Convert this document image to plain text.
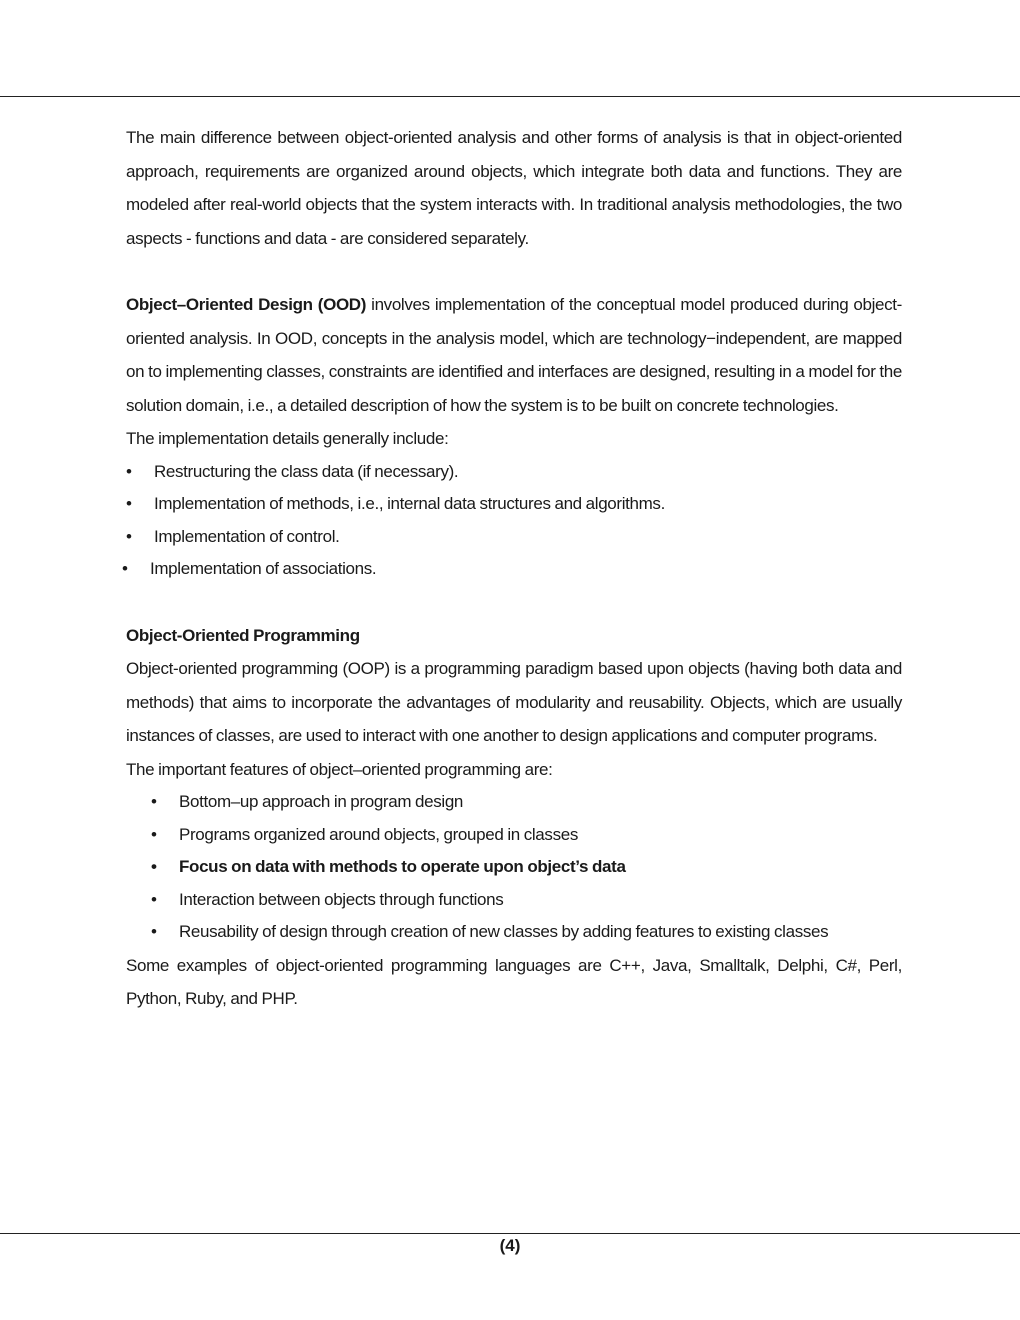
The main difference between object-oriented analysis and other forms of analysis is that in object-oriented approach, requirements are organized around objects, which integrate both data and functions. They are modeled after real-world objects that the system interacts with. In traditional analysis methodologies, the two aspects - functions and data - are considered separately.

Object–Oriented Design (OOD) involves implementation of the conceptual model produced during object-oriented analysis. In OOD, concepts in the analysis model, which are technology−independent, are mapped on to implementing classes, constraints are identified and interfaces are designed, resulting in a model for the solution domain, i.e., a detailed description of how the system is to be built on concrete technologies.

The implementation details generally include:

• Restructuring the class data (if necessary).
• Implementation of methods, i.e., internal data structures and algorithms.
• Implementation of control.
• Implementation of associations.

Object-Oriented Programming

Object-oriented programming (OOP) is a programming paradigm based upon objects (having both data and methods) that aims to incorporate the advantages of modularity and reusability. Objects, which are usually instances of classes, are used to interact with one another to design applications and computer programs.

The important features of object–oriented programming are:

• Bottom–up approach in program design
• Programs organized around objects, grouped in classes
• Focus on data with methods to operate upon object’s data
• Interaction between objects through functions
• Reusability of design through creation of new classes by adding features to existing classes

Some examples of object-oriented programming languages are C++, Java, Smalltalk, Delphi, C#, Perl, Python, Ruby, and PHP.

(4)
